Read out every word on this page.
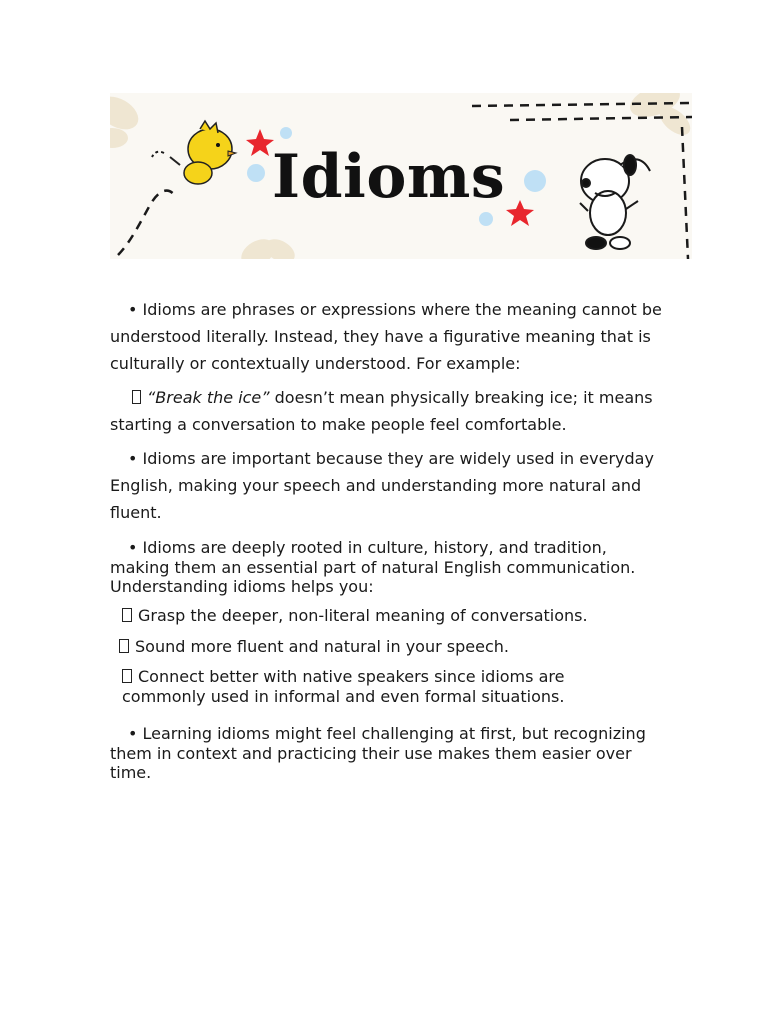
Idioms

• Idioms are phrases or expressions where the meaning cannot be understood literally. Instead, they have a figurative meaning that is culturally or contextually understood. For example:

“Break the ice” doesn’t mean physically breaking ice; it means starting a conversation to make people feel comfortable.

• Idioms are important because they are widely used in everyday English, making your speech and understanding more natural and fluent.

• Idioms are deeply rooted in culture, history, and tradition, making them an essential part of natural English communication. Understanding idioms helps you:

Grasp the deeper, non-literal meaning of conversations.
Sound more fluent and natural in your speech.
Connect better with native speakers since idioms are commonly used in informal and even formal situations.

• Learning idioms might feel challenging at first, but recognizing them in context and practicing their use makes them easier over time.
